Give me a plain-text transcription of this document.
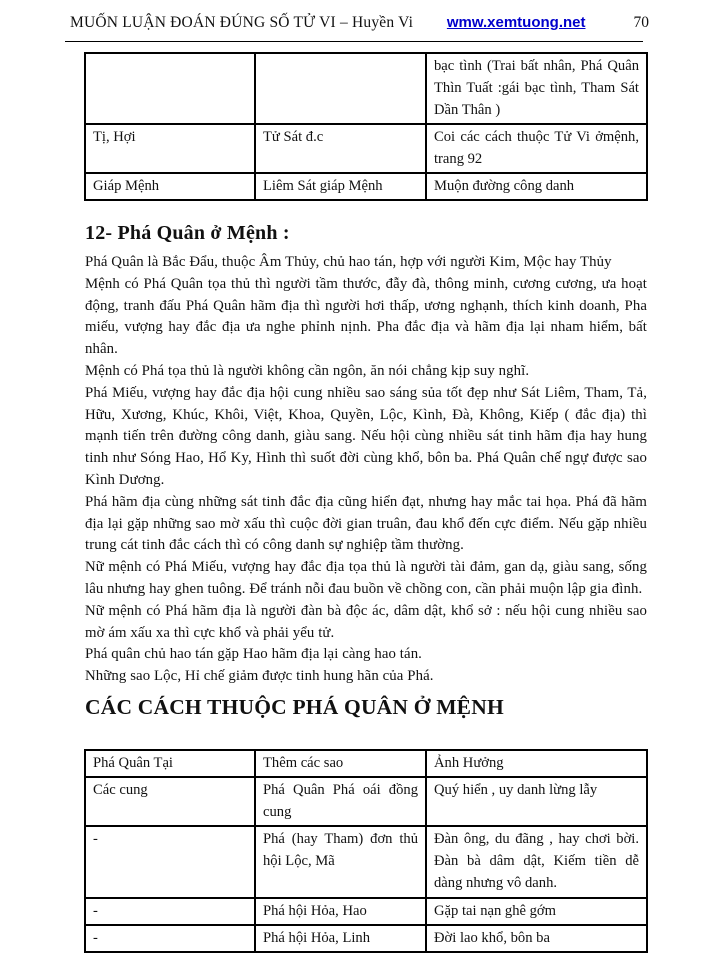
MUỐN LUẬN ĐOÁN ĐÚNG SỐ TỬ VI – Huyền Vi wmw.xemtuong.net	70
		bạc tình (Trai bất nhân, Phá Quân Thìn Tuất :gái bạc tình, Tham Sát Dần Thân )
Tị, Hợi	Tử Sát đ.c	Coi các cách thuộc Tử Vi ởmệnh, trang 92
Giáp Mệnh	Liêm Sát giáp Mệnh	Muộn đường công danh
12- Phá Quân ở Mệnh :

Phá Quân là Bắc Đẩu, thuộc Âm Thủy, chủ hao tán, hợp với người Kim, Mộc hay Thủy

Mệnh có Phá Quân tọa thủ thì người tầm thước, đẫy đà, thông minh, cương cương, ưa hoạt động, tranh đấu Phá Quân hãm địa thì người hơi thấp, ương nghạnh, thích kinh doanh, Pha miếu, vượng hay đắc địa ưa nghe phỉnh nịnh. Pha đắc địa và hãm địa lại nham hiểm, bất nhân.

Mệnh có Phá tọa thủ là người không cần ngôn, ăn nói chẳng kịp suy nghĩ.

Phá Miếu, vượng hay đắc địa hội cung nhiều sao sáng sủa tốt đẹp như Sát Liêm, Tham, Tả, Hữu, Xương, Khúc, Khôi, Việt, Khoa, Quyền, Lộc, Kình, Đà, Không, Kiếp ( đắc địa) thì mạnh tiến trên đường công danh, giàu sang. Nếu hội cùng nhiều sát tinh hãm địa hay hung tinh như Sóng Hao, Hổ Ky, Hình thì suốt đời cùng khổ, bôn ba. Phá Quân chế ngự được sao Kình Dương.

Phá hãm địa cùng những sát tinh đắc địa cũng hiển đạt, nhưng hay mắc tai họa. Phá đã hãm địa lại gặp những sao mờ xấu thì cuộc đời gian truân, đau khổ đến cực điểm. Nếu gặp nhiều trung cát tinh đắc cách thì có công danh sự nghiệp tầm thường.

Nữ mệnh có Phá Miếu, vượng hay đắc địa tọa thủ là người tài đảm, gan dạ, giàu sang, sống lâu nhưng hay ghen tuông. Để tránh nỗi đau buồn về chồng con, cần phải muộn lập gia đình.

Nữ mệnh có Phá hãm địa là người đàn bà độc ác, dâm dật, khổ sở : nếu hội cung nhiều sao mờ ám xấu xa thì cực khổ và phải yểu tử.

Phá quân chủ hao tán gặp Hao hãm địa lại càng hao tán.

Những sao Lộc, Hỉ chế giảm được tinh hung hãn của Phá.

CÁC CÁCH THUỘC PHÁ QUÂN Ở MỆNH
Phá Quân Tại	Thêm các sao	Ảnh Hưởng
Các cung	Phá Quân Phá oái đồng cung	Quý hiển , uy danh lừng lẫy
-	Phá (hay Tham) đơn thủ hội Lộc, Mã	Đàn ông, du đãng , hay chơi bời. Đàn bà dâm dật, Kiếm tiền dễ dàng nhưng vô danh.
-	Phá hội Hỏa, Hao	Gặp tai nạn ghê gớm
-	Phá hội Hỏa, Linh	Đời lao khổ, bôn ba
